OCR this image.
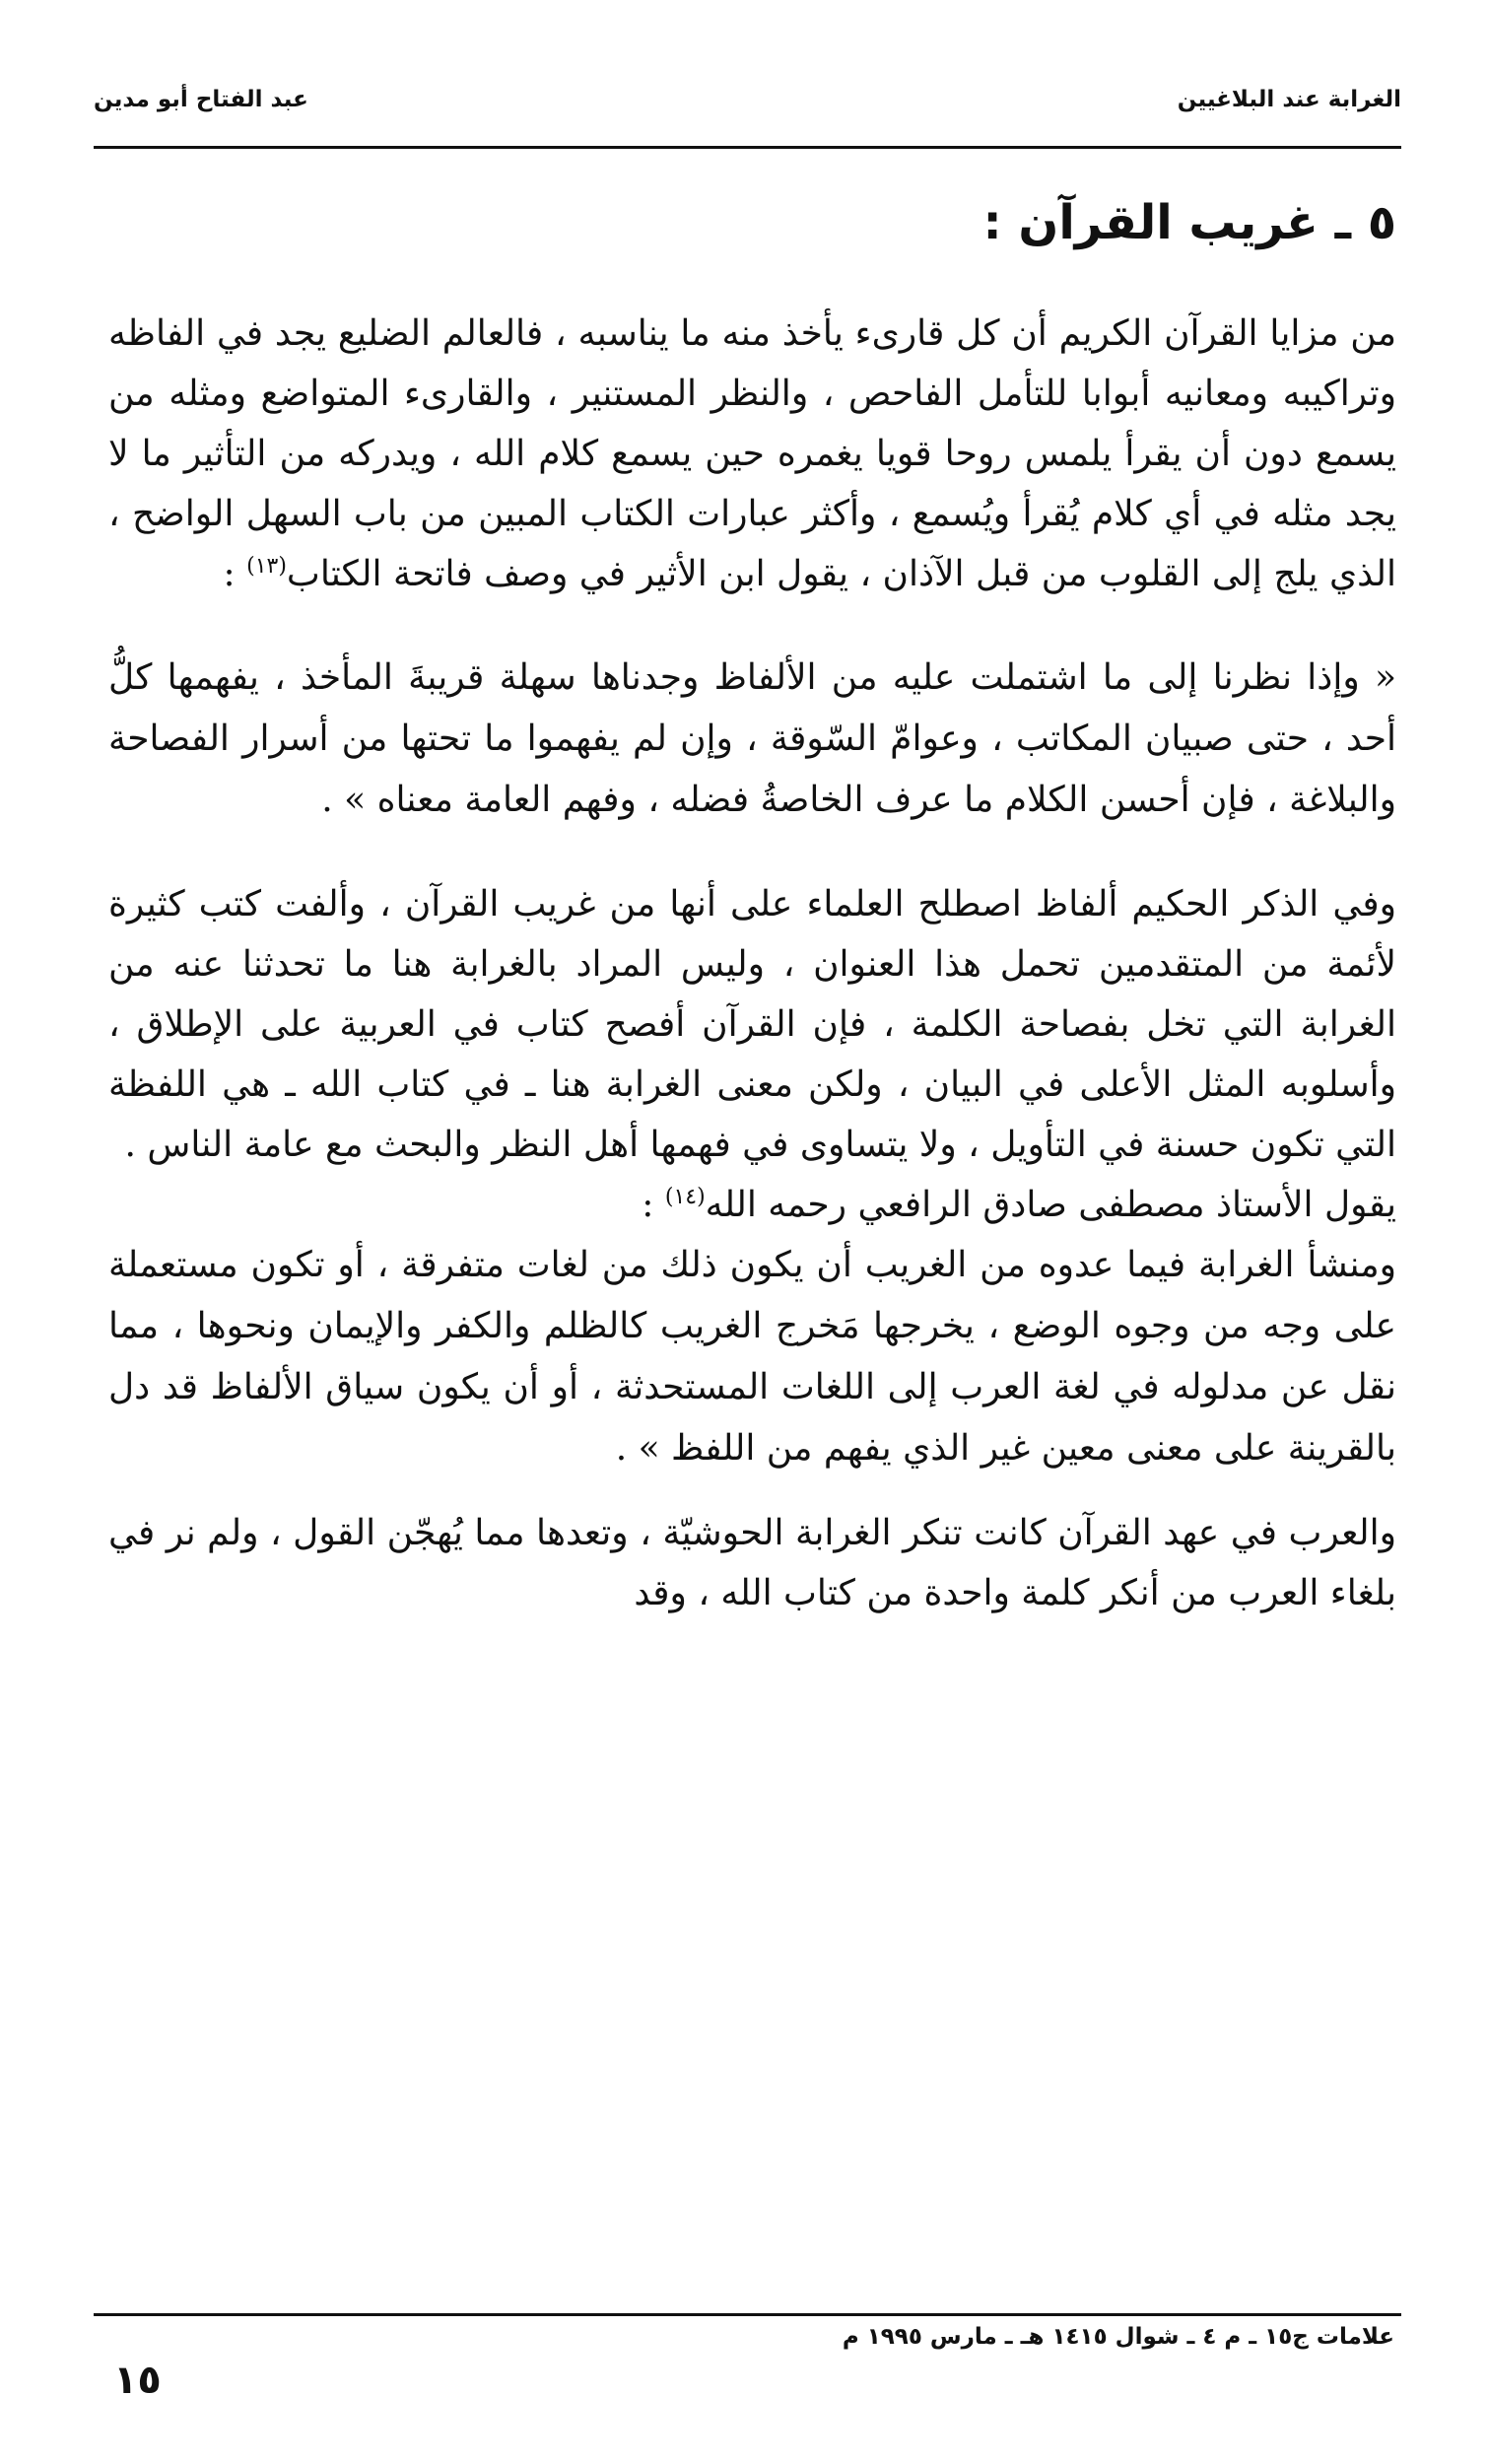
الغرابة عند البلاغيين
عبد الفتاح أبو مدين
٥ ـ غريب القرآن :

من مزايا القرآن الكريم أن كل قارىء يأخذ منه ما يناسبه ، فالعالم الضليع يجد في الفاظه وتراكيبه ومعانيه أبوابا للتأمل الفاحص ، والنظر المستنير ، والقارىء المتواضع ومثله من يسمع دون أن يقرأ يلمس روحا قويا يغمره حين يسمع كلام الله ، ويدركه من التأثير ما لا يجد مثله في أي كلام يُقرأ ويُسمع ، وأكثر عبارات الكتاب المبين من باب السهل الواضح ، الذي يلج إلى القلوب من قبل الآذان ، يقول ابن الأثير في وصف فاتحة الكتاب$^{(١٣)}$ :

« وإذا نظرنا إلى ما اشتملت عليه من الألفاظ وجدناها سهلة قريبةَ المأخذ ، يفهمها كلُّ أحد ، حتى صبيان المكاتب ، وعوامّ السّوقة ، وإن لم يفهموا ما تحتها من أسرار الفصاحة والبلاغة ، فإن أحسن الكلام ما عرف الخاصةُ فضله ، وفهم العامة معناه » .

وفي الذكر الحكيم ألفاظ اصطلح العلماء على أنها من غريب القرآن ، وألفت كتب كثيرة لأئمة من المتقدمين تحمل هذا العنوان ، وليس المراد بالغرابة هنا ما تحدثنا عنه من الغرابة التي تخل بفصاحة الكلمة ، فإن القرآن أفصح كتاب في العربية على الإطلاق ، وأسلوبه المثل الأعلى في البيان ، ولكن معنى الغرابة هنا ـ في كتاب الله ـ هي اللفظة التي تكون حسنة في التأويل ، ولا يتساوى في فهمها أهل النظر والبحث مع عامة الناس .

يقول الأستاذ مصطفى صادق الرافعي رحمه الله$^{(١٤)}$ :

ومنشأ الغرابة فيما عدوه من الغريب أن يكون ذلك من لغات متفرقة ، أو تكون مستعملة على وجه من وجوه الوضع ، يخرجها مَخرج الغريب كالظلم والكفر والإيمان ونحوها ، مما نقل عن مدلوله في لغة العرب إلى اللغات المستحدثة ، أو أن يكون سياق الألفاظ قد دل بالقرينة على معنى معين غير الذي يفهم من اللفظ » .

والعرب في عهد القرآن كانت تنكر الغرابة الحوشيّة ، وتعدها مما يُهجّن القول ، ولم نر في بلغاء العرب من أنكر كلمة واحدة من كتاب الله ، وقد

علامات ج١٥ ـ م ٤ ـ شوال ١٤١٥ هـ ـ مارس ١٩٩٥ م
١٥
